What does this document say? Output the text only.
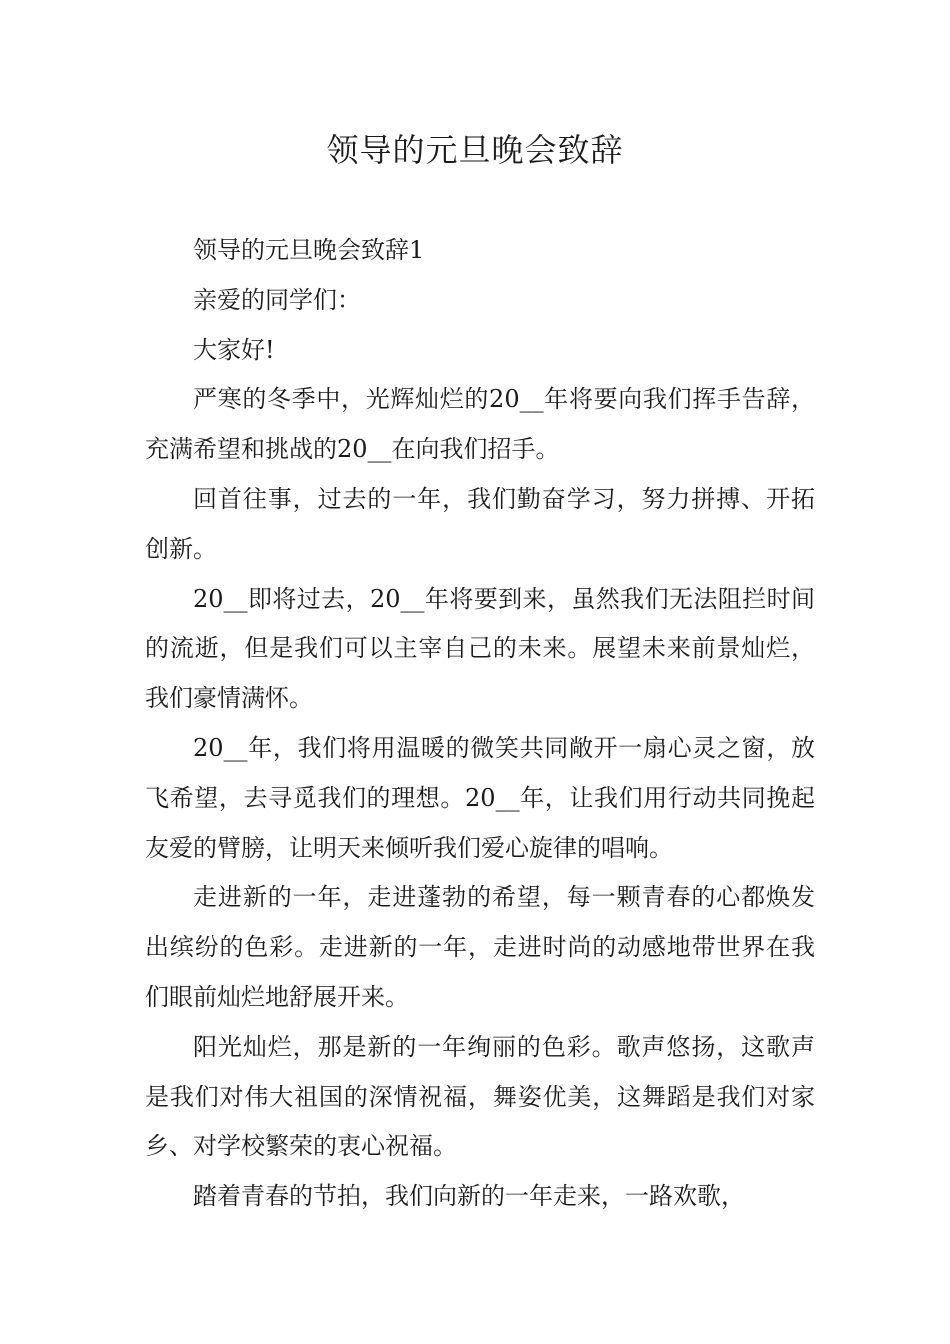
领导的元旦晚会致辞

领导的元旦晚会致辞1

亲爱的同学们：

大家好!

严寒的冬季中，光辉灿烂的20__年将要向我们挥手告辞，充满希望和挑战的20__在向我们招手。

回首往事，过去的一年，我们勤奋学习，努力拼搏、开拓创新。

20__即将过去，20__年将要到来，虽然我们无法阻拦时间的流逝，但是我们可以主宰自己的未来。展望未来前景灿烂，我们豪情满怀。

20__年，我们将用温暖的微笑共同敞开一扇心灵之窗，放飞希望，去寻觅我们的理想。20__年，让我们用行动共同挽起友爱的臂膀，让明天来倾听我们爱心旋律的唱响。

走进新的一年，走进蓬勃的希望，每一颗青春的心都焕发出缤纷的色彩。走进新的一年，走进时尚的动感地带世界在我们眼前灿烂地舒展开来。

阳光灿烂，那是新的一年绚丽的色彩。歌声悠扬，这歌声是我们对伟大祖国的深情祝福，舞姿优美，这舞蹈是我们对家乡、对学校繁荣的衷心祝福。

踏着青春的节拍，我们向新的一年走来，一路欢歌，
